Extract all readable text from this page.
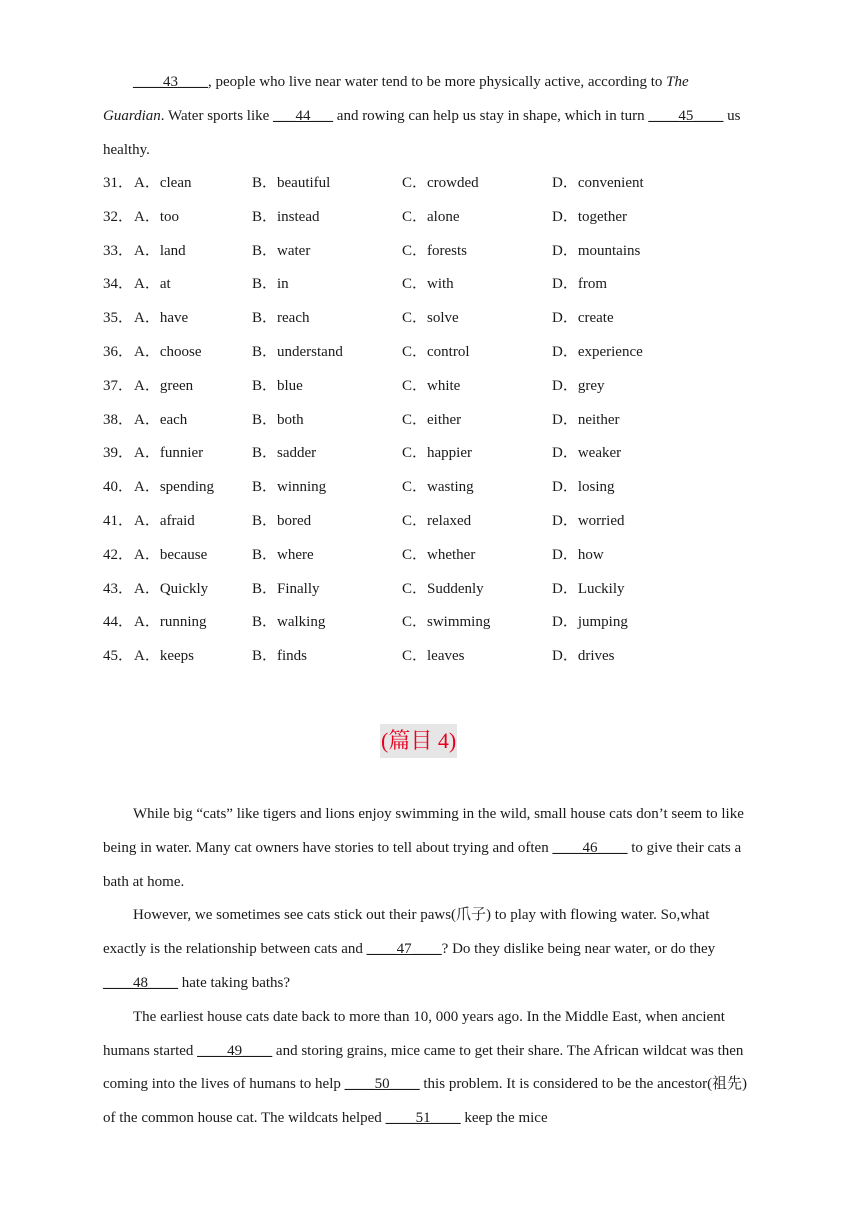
____43____, people who live near water tend to be more physically active, according to The Guardian. Water sports like ___44___ and rowing can help us stay in shape, which in turn ____45____ us healthy.

31． A．clean	B．beautiful	C．crowded	D．convenient
32． A．too	B．instead	C．alone	D．together
33． A．land	B．water	C．forests	D．mountains
34． A．at	B．in	C．with	D．from
35． A．have	B．reach	C．solve	D．create
36． A．choose	B．understand	C．control	D．experience
37． A．green	B．blue	C．white	D．grey
38． A．each	B．both	C．either	D．neither
39． A．funnier	B．sadder	C．happier	D．weaker
40． A．spending	B．winning	C．wasting	D．losing
41． A．afraid	B．bored	C．relaxed	D．worried
42． A．because	B．where	C．whether	D．how
43． A．Quickly	B．Finally	C．Suddenly	D．Luckily
44． A．running	B．walking	C．swimming	D．jumping
45． A．keeps	B．finds	C．leaves	D．drives
(篇目 4)

While big “cats” like tigers and lions enjoy swimming in the wild, small house cats don’t seem to like being in water. Many cat owners have stories to tell about trying and often ____46____ to give their cats a bath at home.

However, we sometimes see cats stick out their paws(爪子) to play with flowing water. So,what exactly is the relationship between cats and ____47____? Do they dislike being near water, or do they ____48____ hate taking baths?

The earliest house cats date back to more than 10, 000 years ago. In the Middle East, when ancient humans started ____49____ and storing grains, mice came to get their share. The African wildcat was then coming into the lives of humans to help ____50____ this problem. It is considered to be the ancestor(祖先) of the common house cat. The wildcats helped ____51____ keep the mice
